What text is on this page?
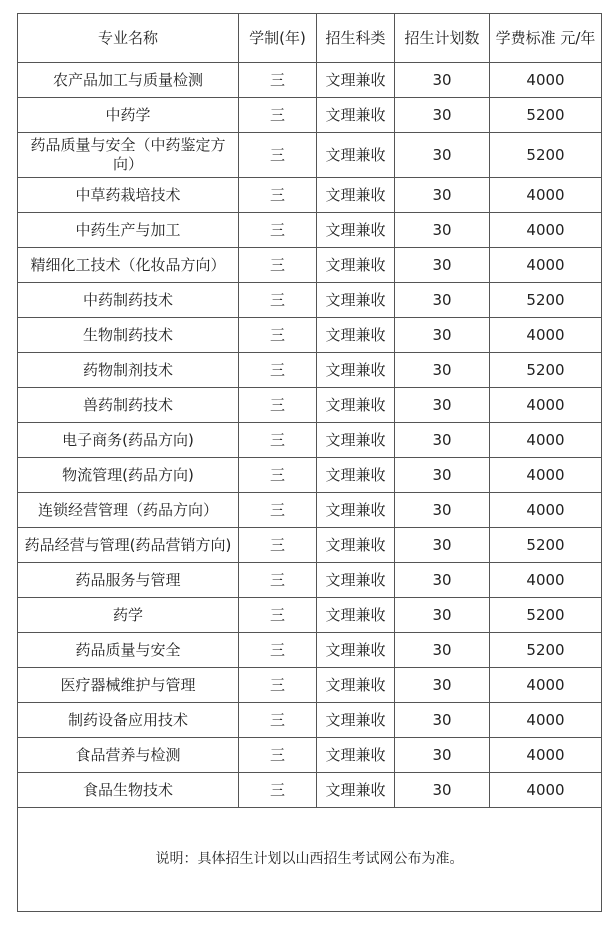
专业名称	学制(年)	招生科类	招生计划数	学费标准 元/年
农产品加工与质量检测	三	文理兼收	30	4000
中药学	三	文理兼收	30	5200
药品质量与安全（中药鉴定方向）	三	文理兼收	30	5200
中草药栽培技术	三	文理兼收	30	4000
中药生产与加工	三	文理兼收	30	4000
精细化工技术（化妆品方向）	三	文理兼收	30	4000
中药制药技术	三	文理兼收	30	5200
生物制药技术	三	文理兼收	30	4000
药物制剂技术	三	文理兼收	30	5200
兽药制药技术	三	文理兼收	30	4000
电子商务(药品方向)	三	文理兼收	30	4000
物流管理(药品方向)	三	文理兼收	30	4000
连锁经营管理（药品方向）	三	文理兼收	30	4000
药品经营与管理(药品营销方向)	三	文理兼收	30	5200
药品服务与管理	三	文理兼收	30	4000
药学	三	文理兼收	30	5200
药品质量与安全	三	文理兼收	30	5200
医疗器械维护与管理	三	文理兼收	30	4000
制药设备应用技术	三	文理兼收	30	4000
食品营养与检测	三	文理兼收	30	4000
食品生物技术	三	文理兼收	30	4000
说明：具体招生计划以山西招生考试网公布为准。				
